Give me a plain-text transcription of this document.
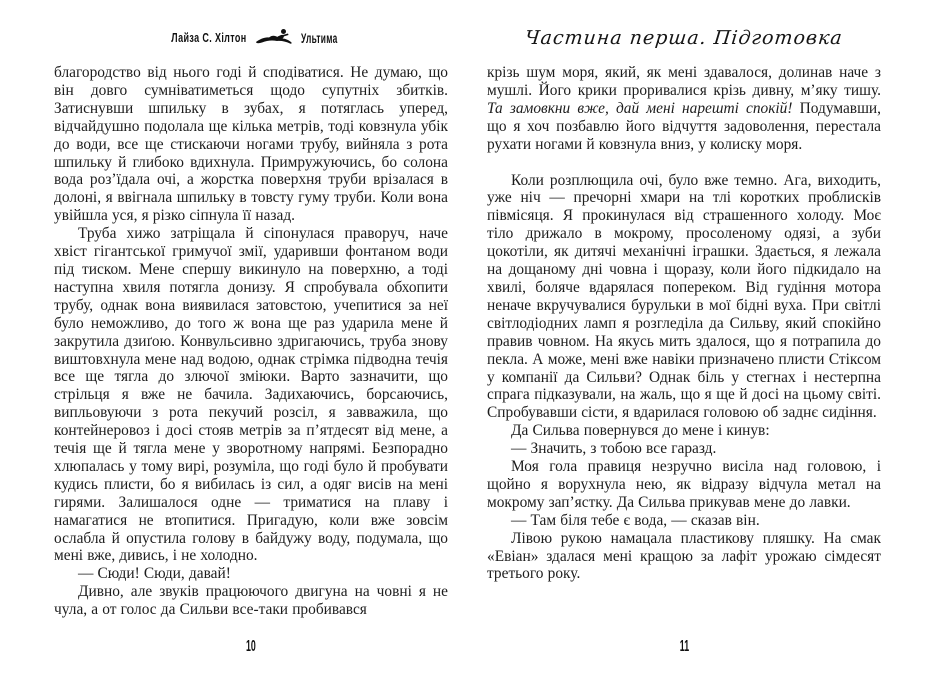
Лайза С. Хілтон	Ультима

благородство від нього годі й сподіватися. Не думаю, що він довго сумніватиметься щодо супутніх збитків. Затиснувши шпильку в зубах, я потяглась уперед, відчайдушно подолала ще кілька метрів, тоді ковзнула убік до води, все ще стискаючи ногами трубу, вийняла з рота шпильку й глибоко вдихнула. Примружуючись, бо солона вода роз’їдала очі, а жорстка поверхня труби врізалася в долоні, я ввігнала шпильку в товсту гуму труби. Коли вона увійшла уся, я різко сіпнула її назад.

Труба хижо затріщала й сіпонулася праворуч, наче хвіст гігантської гримучої змії, ударивши фонтаном води під тиском. Мене спершу викинуло на поверхню, а тоді наступна хвиля потягла донизу. Я спробувала обхопити трубу, однак вона виявилася затовстою, учепитися за неї було неможливо, до того ж вона ще раз ударила мене й закрутила дзиґою. Конвульсивно здригаючись, труба знову виштовхнула мене над водою, однак стрімка підводна течія все ще тягла до злючої зміюки. Варто зазначити, що стрільця я вже не бачила. Задихаючись, борсаючись, випльовуючи з рота пекучий розсіл, я завважила, що контейнеровоз і досі стояв метрів за п’ятдесят від мене, а течія ще й тягла мене у зворотному напрямі. Безпорадно хлюпалась у тому вирі, розуміла, що годі було й пробувати кудись плисти, бо я вибилась із сил, а одяг висів на мені гирями. Залишалося одне — триматися на плаву і намагатися не втопитися. Пригадую, коли вже зовсім ослабла й опустила голову в байдужу воду, подумала, що мені вже, дивись, і не холодно.

— Сюди! Сюди, давай!

Дивно, але звуків працюючого двигуна на човні я не чула, а от голос да Сильви все-таки пробивався

10
Частина перша. Підготовка

крізь шум моря, який, як мені здавалося, долинав наче з мушлі. Його крики проривалися крізь дивну, м’яку тишу. Та замовкни вже, дай мені нарешті спокій! Подумавши, що я хоч позбавлю його відчуття задоволення, перестала рухати ногами й ковзнула вниз, у колиску моря.

Коли розплющила очі, було вже темно. Ага, виходить, уже ніч — пречорні хмари на тлі коротких проблисків півмісяця. Я прокинулася від страшенного холоду. Моє тіло дрижало в мокрому, просоленому одязі, а зуби цокотіли, як дитячі механічні іграшки. Здається, я лежала на дощаному дні човна і щоразу, коли його підкидало на хвилі, боляче вдарялася попереком. Від гудіння мотора неначе вкручувалися бурульки в мої бідні вуха. При світлі світлодіодних ламп я розгледіла да Сильву, який спокійно правив човном. На якусь мить здалося, що я потрапила до пекла. А може, мені вже навіки призначено плисти Стіксом у компанії да Сильви? Однак біль у стегнах і нестерпна спрага підказували, на жаль, що я ще й досі на цьому світі. Спробувавши сісти, я вдарилася головою об заднє сидіння.

Да Сильва повернувся до мене і кинув:

— Значить, з тобою все гаразд.

Моя гола правиця незручно висіла над головою, і щойно я ворухнула нею, як відразу відчула метал на мокрому зап’ястку. Да Сильва прикував мене до лавки.

— Там біля тебе є вода, — сказав він.

Лівою рукою намацала пластикову пляшку. На смак «Евіан» здалася мені кращою за лафіт урожаю сімдесят третього року.

11
